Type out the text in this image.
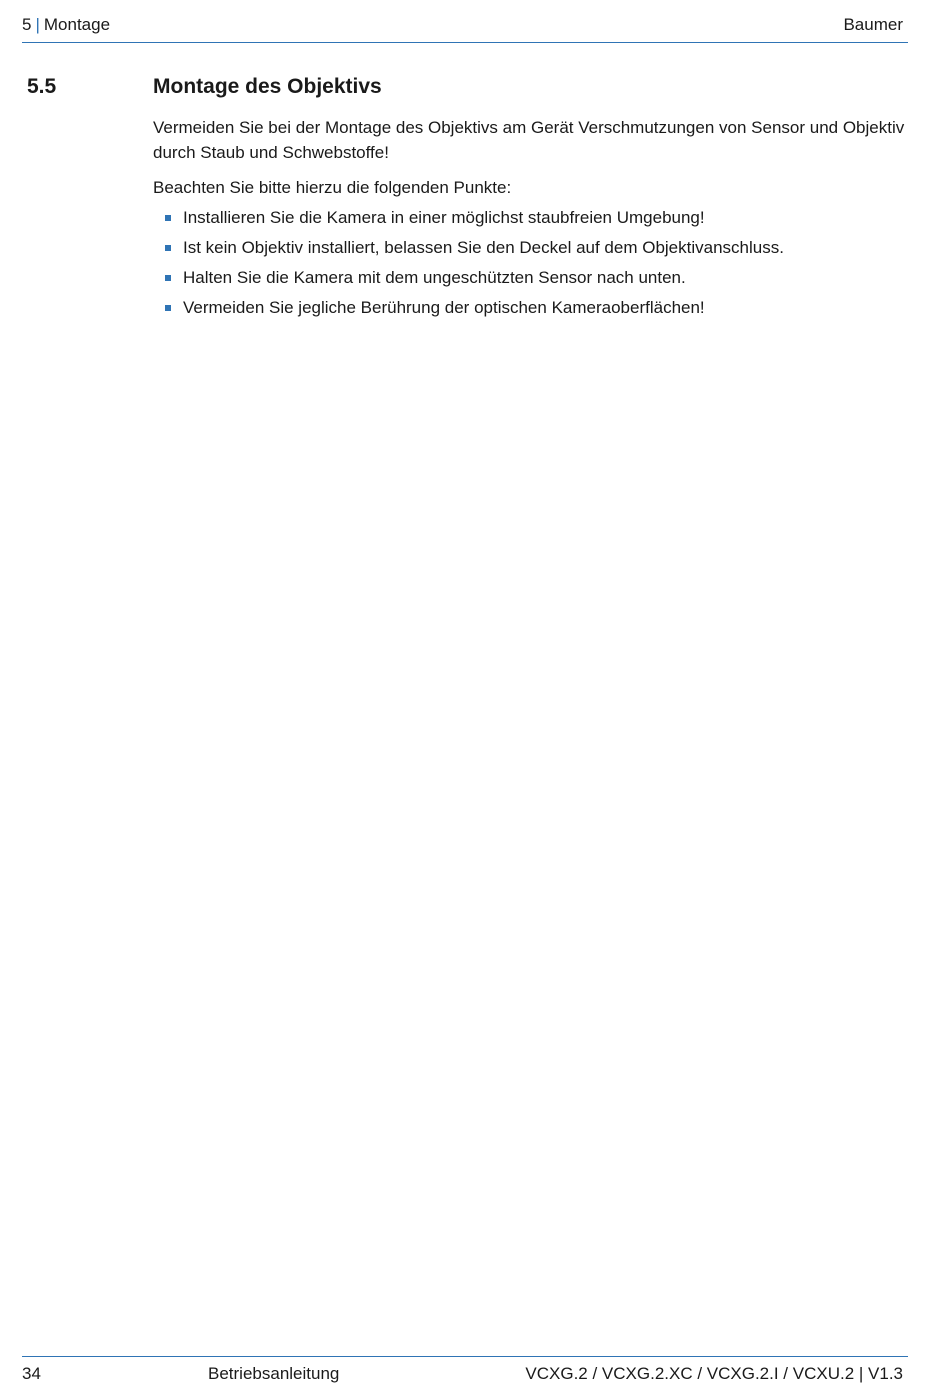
5 | Montage	Baumer
5.5	Montage des Objektivs

Vermeiden Sie bei der Montage des Objektivs am Gerät Verschmutzungen von Sensor und Objektiv durch Staub und Schwebstoffe!

Beachten Sie bitte hierzu die folgenden Punkte:

Installieren Sie die Kamera in einer möglichst staubfreien Umgebung!
Ist kein Objektiv installiert, belassen Sie den Deckel auf dem Objektivanschluss.
Halten Sie die Kamera mit dem ungeschützten Sensor nach unten.
Vermeiden Sie jegliche Berührung der optischen Kameraoberflächen!
34	Betriebsanleitung	VCXG.2 / VCXG.2.XC / VCXG.2.I / VCXU.2 | V1.3
